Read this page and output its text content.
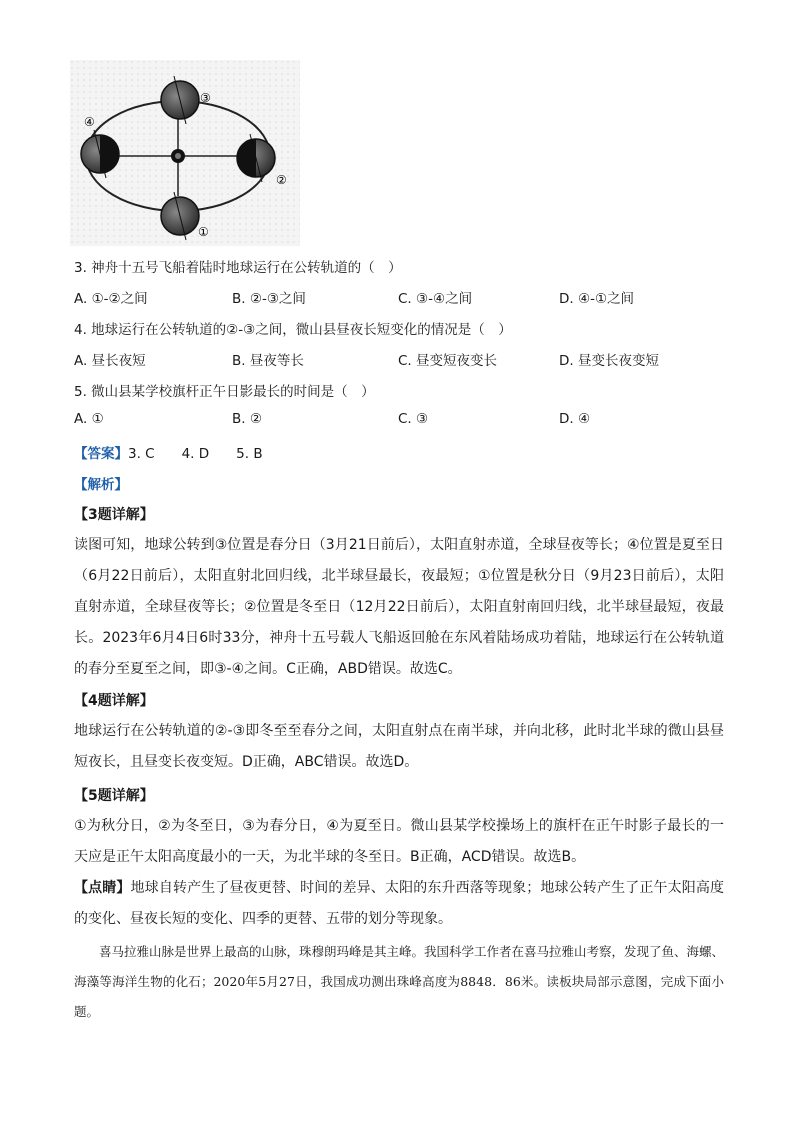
③
④
②
①
3. 神舟十五号飞船着陆时地球运行在公转轨道的（　）
A. ①-②之间	B. ②-③之间	C. ③-④之间	D. ④-①之间
4. 地球运行在公转轨道的②-③之间，微山县昼夜长短变化的情况是（　）
A. 昼长夜短	B. 昼夜等长	C. 昼变短夜变长	D. 昼变长夜变短
5. 微山县某学校旗杆正午日影最长的时间是（　）
A. ①	B. ②	C. ③	D. ④
【答案】3. C　　4. D　　5. B
【解析】
【3题详解】

读图可知，地球公转到③位置是春分日（3月21日前后），太阳直射赤道，全球昼夜等长；④位置是夏至日（6月22日前后），太阳直射北回归线，北半球昼最长，夜最短；①位置是秋分日（9月23日前后），太阳直射赤道，全球昼夜等长；②位置是冬至日（12月22日前后），太阳直射南回归线，北半球昼最短，夜最长。2023年6月4日6时33分，神舟十五号载人飞船返回舱在东风着陆场成功着陆，地球运行在公转轨道的春分至夏至之间，即③-④之间。C正确，ABD错误。故选C。

【4题详解】

地球运行在公转轨道的②-③即冬至至春分之间，太阳直射点在南半球，并向北移，此时北半球的微山县昼短夜长，且昼变长夜变短。D正确，ABC错误。故选D。

【5题详解】

①为秋分日，②为冬至日，③为春分日，④为夏至日。微山县某学校操场上的旗杆在正午时影子最长的一天应是正午太阳高度最小的一天，为北半球的冬至日。B正确，ACD错误。故选B。

【点睛】地球自转产生了昼夜更替、时间的差异、太阳的东升西落等现象；地球公转产生了正午太阳高度的变化、昼夜长短的变化、四季的更替、五带的划分等现象。

喜马拉雅山脉是世界上最高的山脉，珠穆朗玛峰是其主峰。我国科学工作者在喜马拉雅山考察，发现了鱼、海螺、海藻等海洋生物的化石；2020年5月27日，我国成功测出珠峰高度为8848．86米。读板块局部示意图，完成下面小题。
